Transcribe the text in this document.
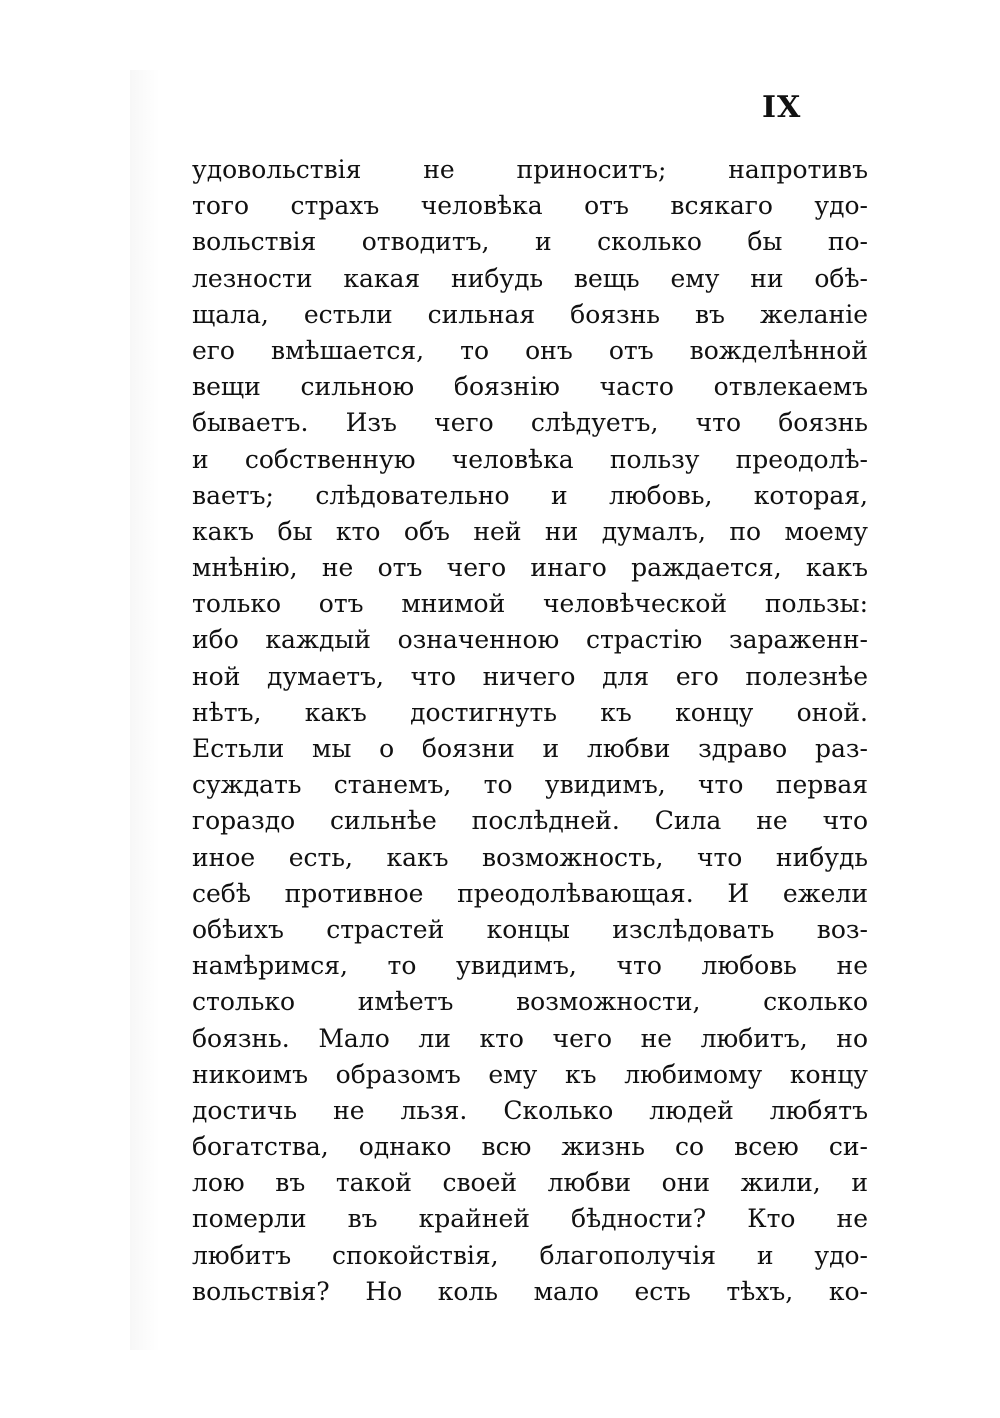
IX
удовольствія не приноситъ; напротивъ
того страхъ человѣка отъ всякаго удо-
вольствія отводитъ, и сколько бы по-
лезности какая нибудь вещь ему ни обѣ-
щала, естьли сильная боязнь въ желаніе
его вмѣшается, то онъ отъ вожделѣнной
вещи сильною боязнію часто отвлекаемъ
бываетъ. Изъ чего слѣдуетъ, что боязнь
и собственную человѣка пользу преодолѣ-
ваетъ; слѣдовательно и любовь, которая,
какъ бы кто объ ней ни думалъ, по моему
мнѣнію, не отъ чего инаго раждается, какъ
только отъ мнимой человѣческой пользы:
ибо каждый означенною страстію зараженн-
ной думаетъ, что ничего для его полезнѣе
нѣтъ, какъ достигнуть къ концу оной.
Естьли мы о боязни и любви здраво раз-
суждать станемъ, то увидимъ, что первая
гораздо сильнѣе послѣдней. Сила не что
иное есть, какъ возможность, что нибудь
себѣ противное преодолѣвающая. И ежели
обѣихъ страстей концы изслѣдовать воз-
намѣримся, то увидимъ, что любовь не
столько имѣетъ возможности, сколько
боязнь. Мало ли кто чего не любитъ, но
никоимъ образомъ ему къ любимому концу
достичь не льзя. Сколько людей любятъ
богатства, однако всю жизнь со всею си-
лою въ такой своей любви они жили, и
померли въ крайней бѣдности? Кто не
любитъ спокойствія, благополучія и удо-
вольствія? Но коль мало есть тѣхъ, ко-
